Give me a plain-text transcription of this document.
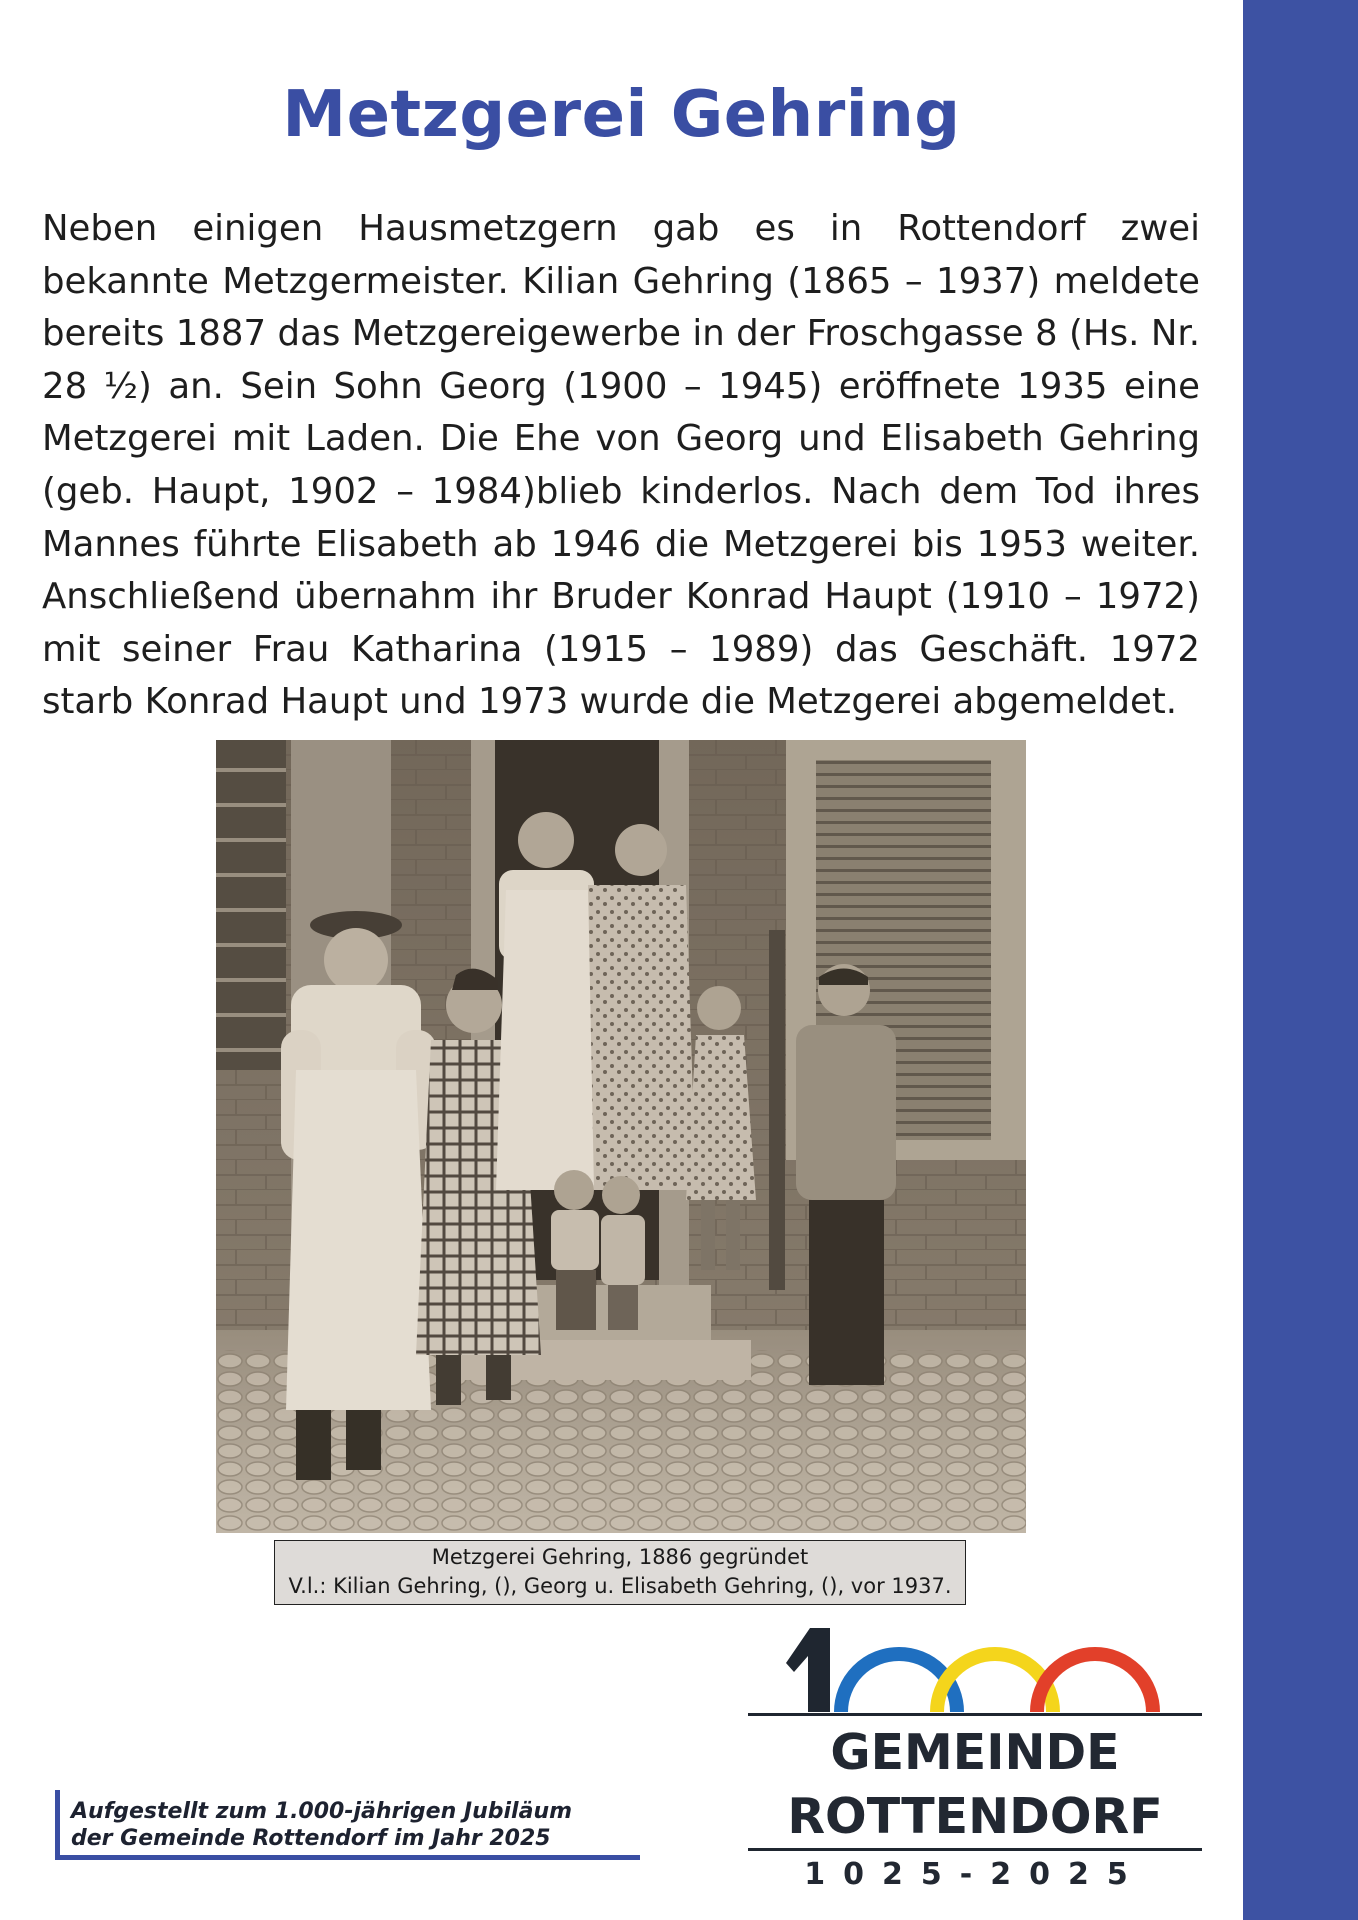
Metzgerei Gehring

Neben einigen Hausmetzgern gab es in Rottendorf zwei bekannte Metzgermeister. Kilian Gehring (1865 – 1937) meldete bereits 1887 das Metzgereigewerbe in der Froschgasse 8 (Hs. Nr. 28 ½) an. Sein Sohn Georg (1900 – 1945) eröffnete 1935 eine Metzgerei mit Laden. Die Ehe von Georg und Elisabeth Gehring (geb. Haupt, 1902 – 1984)blieb kinderlos. Nach dem Tod ihres Mannes führte Elisabeth ab 1946 die Metzgerei bis 1953 weiter. Anschließend übernahm ihr Bruder Konrad Haupt (1910 – 1972) mit seiner Frau Katharina (1915 – 1989) das Geschäft. 1972 starb Konrad Haupt und 1973 wurde die Metzgerei abgemeldet.

Metzgerei Gehring, 1886 gegründet
V.l.: Kilian Gehring, (), Georg u. Elisabeth Gehring, (), vor 1937.
Aufgestellt zum 1.000-jährigen Jubiläum
der Gemeinde Rottendorf im Jahr 2025
GEMEINDE
ROTTENDORF
1025-2025
